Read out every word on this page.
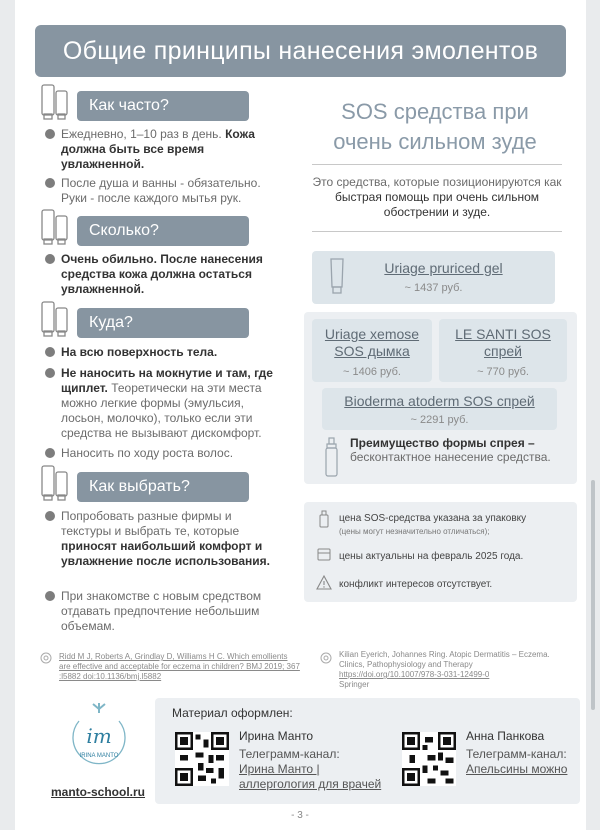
Общие принципы нанесения эмолентов
Как часто?
Ежедневно, 1–10 раз в день. Кожа должна быть все время увлажненной.
После душа и ванны - обязательно. Руки - после каждого мытья рук.
Сколько?
Очень обильно. После нанесения средства кожа должна остаться увлажненной.
Куда?
На всю поверхность тела.
Не наносить на мокнутие и там, где щиплет. Теоретически на эти места можно легкие формы (эмульсия, лосьон, молочко), только если эти средства не вызывают дискомфорт.
Наносить по ходу роста волос.
Как выбрать?
Попробовать разные фирмы и текстуры и выбрать те, которые приносят наибольший комфорт и увлажнение после использования.
При знакомстве с новым средством отдавать предпочтение небольшим объемам.
SOS средства при
очень сильном зуде
Это средства, которые позиционируются как быстрая помощь при очень сильном обострении и зуде.
Uriage pruriced gel
~ 1437 руб.
Uriage xemose
SOS дымка
~ 1406 руб.
LE SANTI SOS
спрей
~ 770 руб.
Bioderma atoderm SOS спрей
~ 2291 руб.
Преимущество формы спрея –
бесконтактное нанесение средства.
цена SOS-средства указана за упаковку
(цены могут незначительно отличаться);
цены актуальны на февраль 2025 года.
конфликт интересов отсутствует.
Ridd M J, Roberts A, Grindlay D, Williams H C. Which emollients are effective and acceptable for eczema in children? BMJ 2019; 367 :l5882 doi:10.1136/bmj.l5882
Kilian Eyerich, Johannes Ring. Atopic Dermatitis – Eczema. Clinics, Pathophysiology and Therapy
https://doi.org/10.1007/978-3-031-12499-0
Springer
im
IRINA MANTO
manto-school.ru
Материал оформлен:
Ирина Манто
Телеграмм-канал:
Ирина Манто |
аллергология для врачей
Анна Панкова
Телеграмм-канал:
Апельсины можно
- 3 -
